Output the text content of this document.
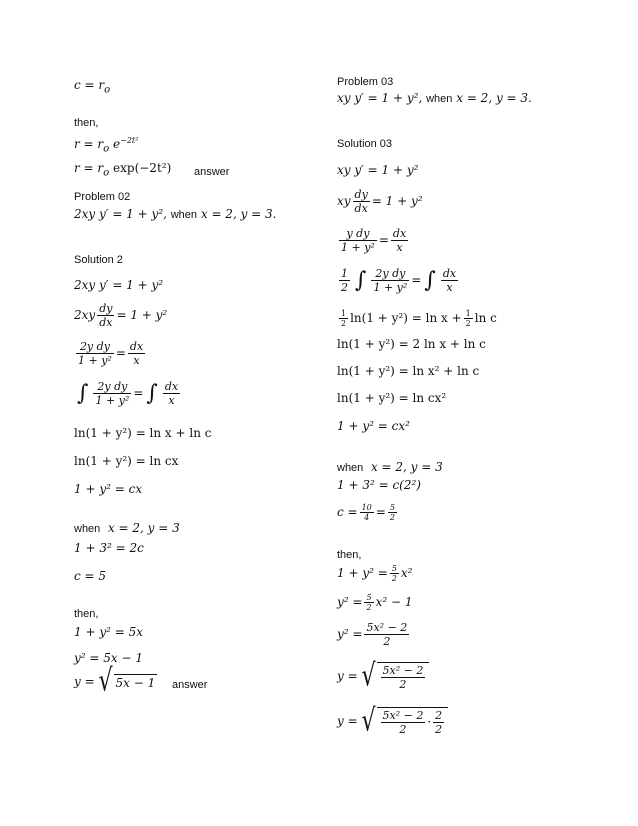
$c = r_o$
then,
$r = r_o$ $e^{-2t^2}$
$r = r_o$ exp(−2t²) answer
Problem 02
2xy y′ = 1 + y², when x = 2, y = 3.
Solution 2
2xy y′ = 1 + y²
$2xy \frac{dy}{dx} = 1 + y^2$
$\frac{\text{2y dy}}{\text{1 + y²}} = \frac{dx}{x}$
∫ $\frac{\text{2y dy}}{\text{1 + y²}}$ = ∫ $\frac{dx}{x}$
ln(1 + y²) = ln x + ln c
ln(1 + y²) = ln cx
1 + y² = cx
when x = 2, y = 3
1 + 3² = 2c
c = 5
then,
1 + y² = 5x
y² = 5x − 1
y = √ 5x − 1 answer
Problem 03
xy y′ = 1 + y², when x = 2, y = 3.
Solution 03
xy y′ = 1 + y²
xy $\frac{dy}{dx} = 1 + y^2$
$\frac{\text{y dy}}{\text{1 + y²}} = \frac{dx}{x}$
$\frac{1}{2}$ ∫ $\frac{\text{2y dy}}{\text{1 + y²}}$ = ∫ $\frac{dx}{x}$
$\frac{1}{2} \ln(1 + y^2) = \ln x + \frac{1}{2}$ ln c
ln(1 + y²) = 2 ln x + ln c
ln(1 + y²) = ln x² + ln c
ln(1 + y²) = ln cx²
1 + y² = cx²
when x = 2, y = 3
1 + 3² = c(2²)
$c = \frac{10}{4} = \frac{5}{2}$
then,
$1 + y^2 = \frac{5}{2} x^2$
$y^2 = \frac{5}{2} x^2 - 1$
$y^2 = \frac{\text{5x² − 2}}{2}$
y = √ $\frac{\text{5x² − 2}}{2}$
y = √ $\frac{\text{5x² − 2}}{2} \cdot \frac{2}{2}$
